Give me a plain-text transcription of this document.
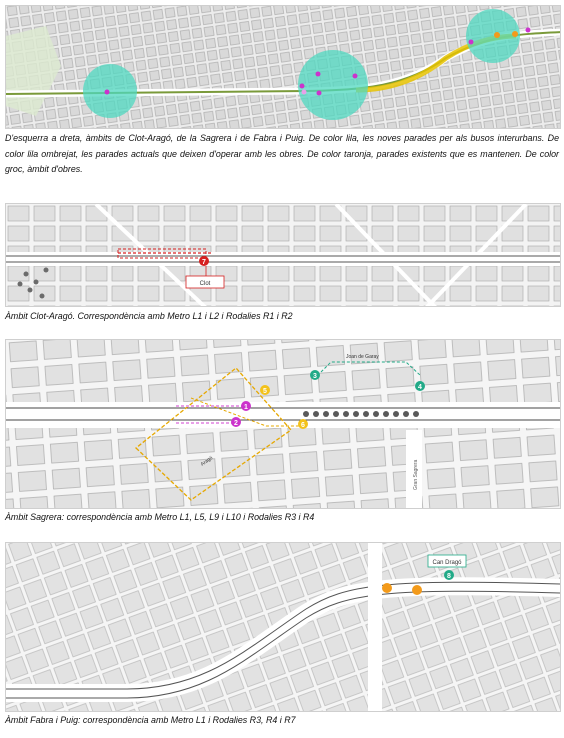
D'esquerra a dreta, àmbits de Clot-Aragó, de la Sagrera i de Fabra i Puig. De color lila, les noves parades per als busos interurbans. De color lila ombrejat, les parades actuals que deixen d'operar amb les obres. De color taronja, parades existents que es mantenen. De color groc, àmbit d'obres.
7
Clot
Àmbit Clot-Aragó. Correspondència amb Metro L1 i L2 i Rodalies R1 i R2
Gran Sagrera
Aragó
Joan de Garay
1
2
3
4
5
6
Àmbit Sagrera: correspondència amb Metro L1, L5, L9 i L10 i Rodalies R3 i R4
Can Dragó
8
Àmbit Fabra i Puig: correspondència amb Metro L1 i Rodalies R3, R4 i R7
